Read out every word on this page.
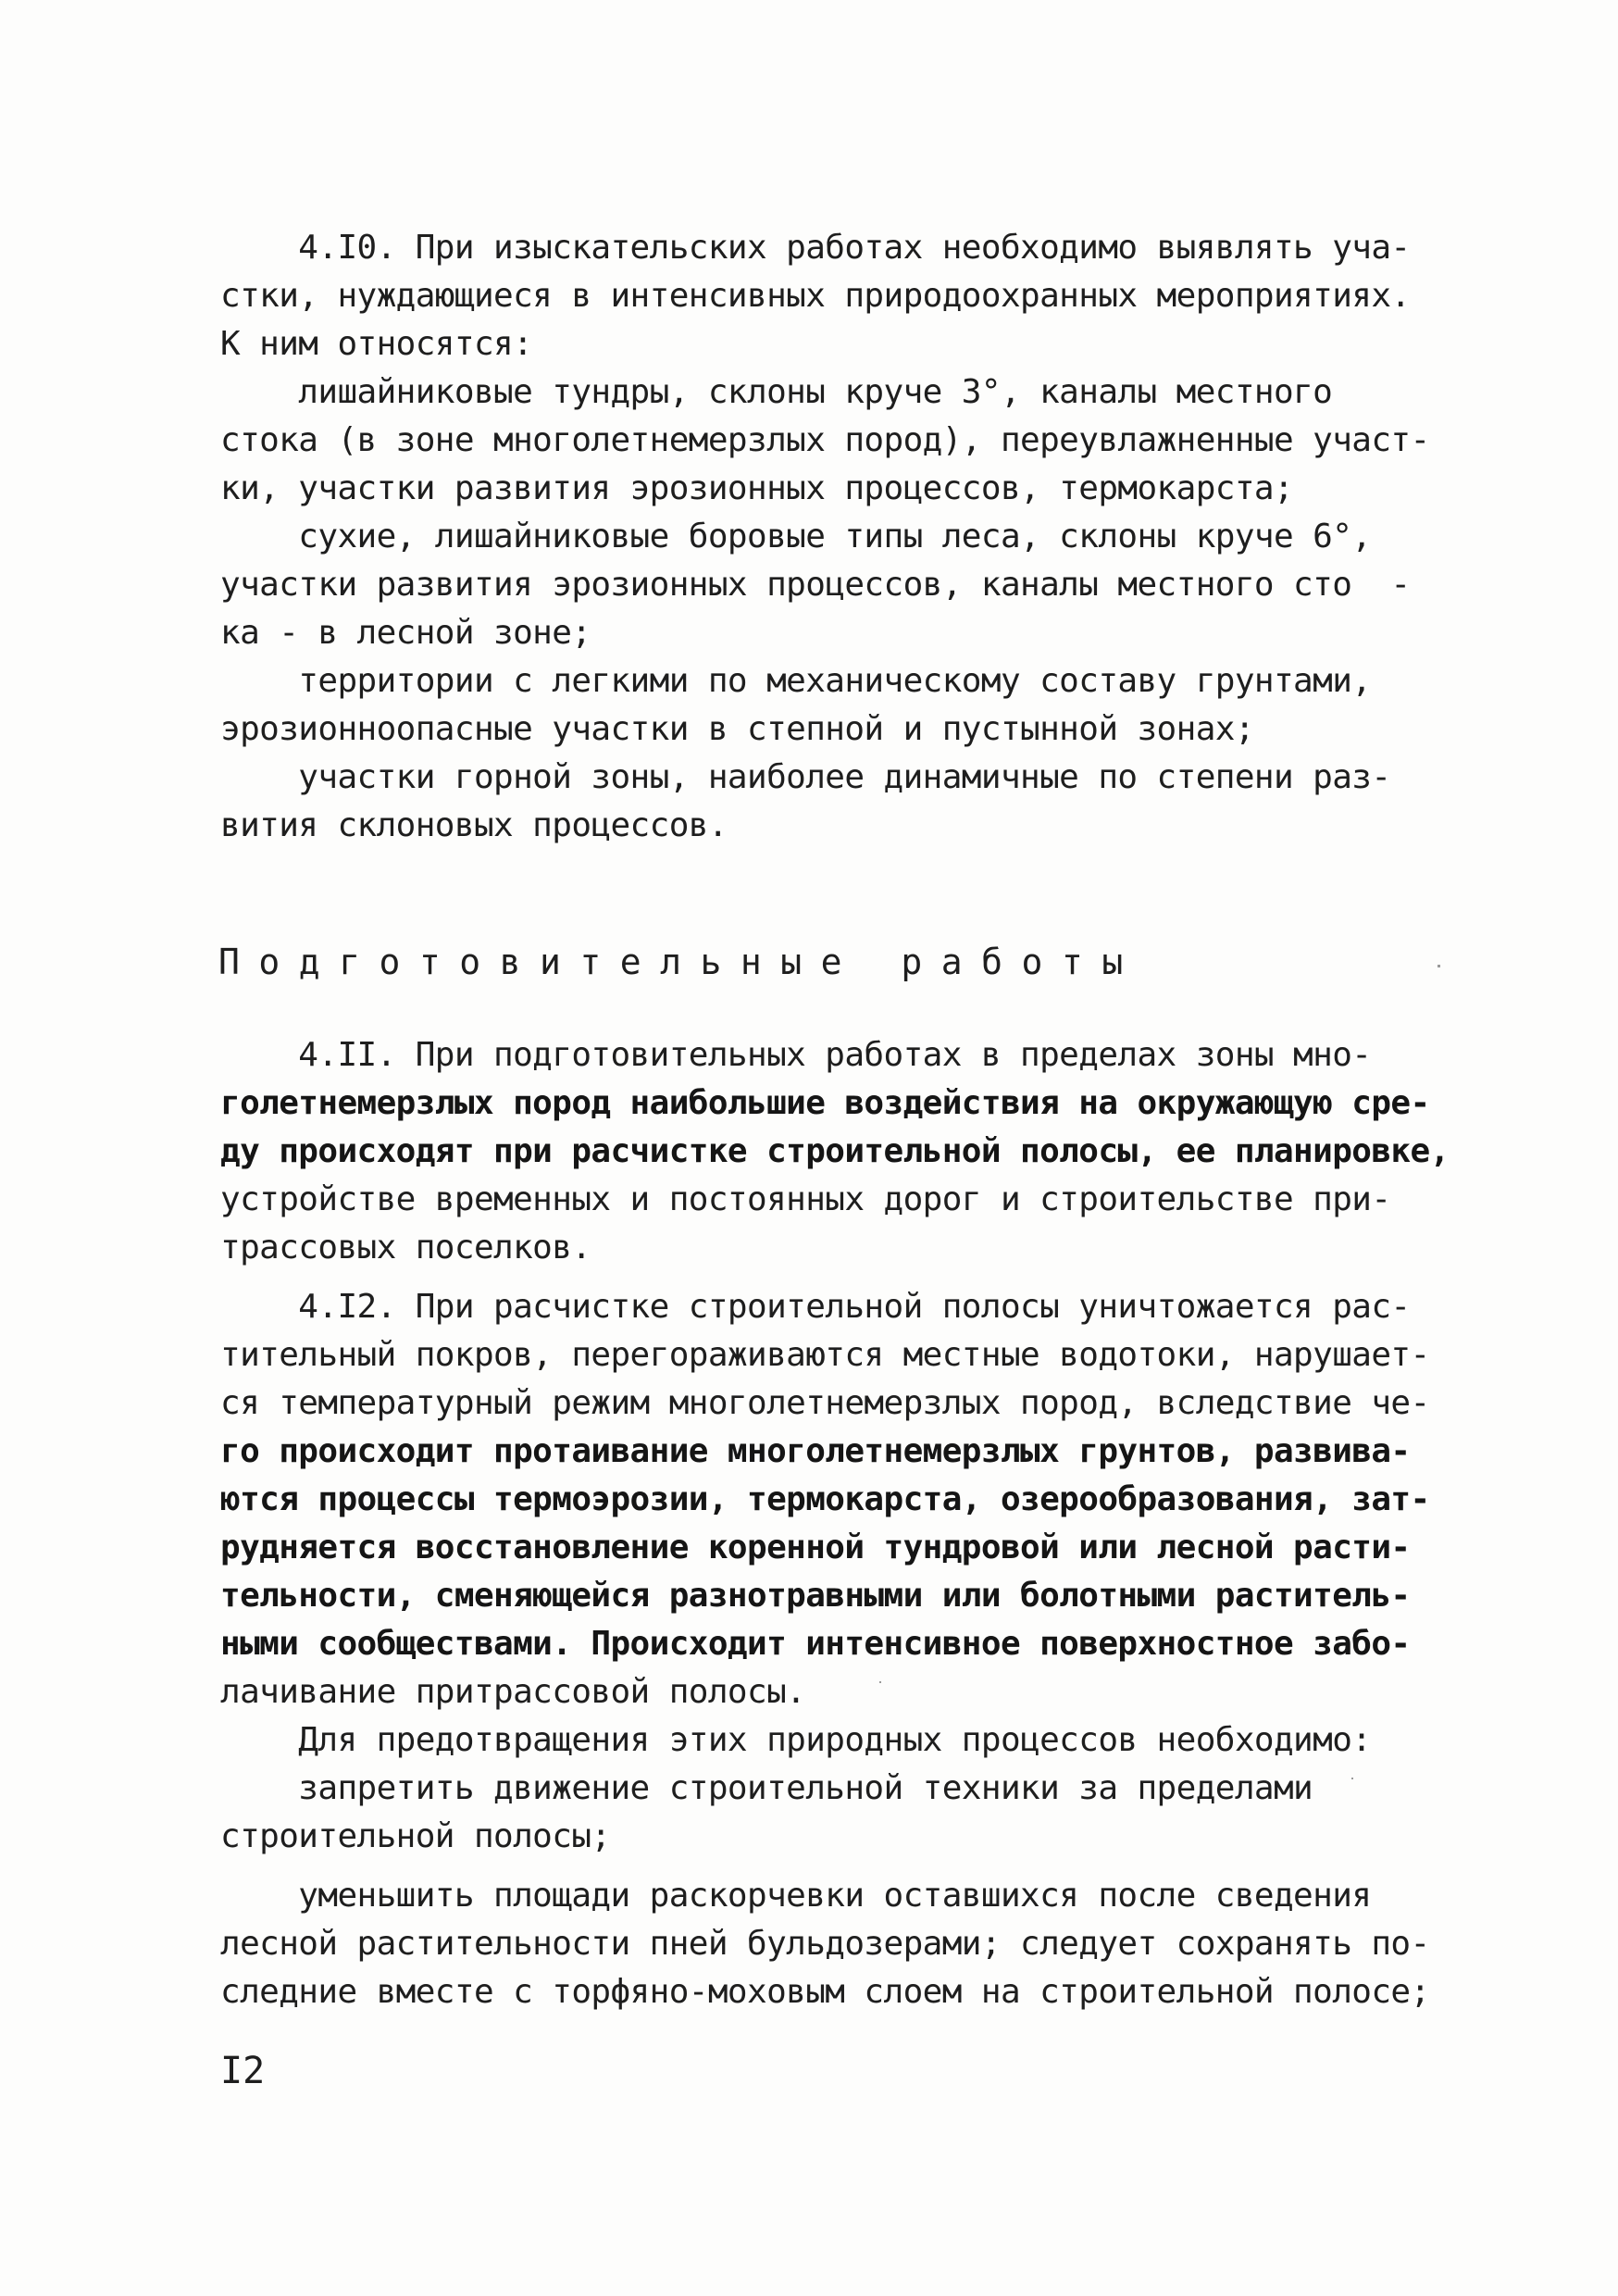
4.I0. При изыскательских работах необходимо выявлять уча-
стки, нуждающиеся в интенсивных природоохранных мероприятиях.
К ним относятся:
лишайниковые тундры, склоны круче 3°, каналы местного
стока (в зоне многолетнемерзлых пород), переувлажненные участ-
ки, участки развития эрозионных процессов, термокарста;
сухие, лишайниковые боровые типы леса, склоны круче 6°,
участки развития эрозионных процессов, каналы местного сто  -
ка - в лесной зоне;
территории с легкими по механическому составу грунтами,
эрозионноопасные участки в степной и пустынной зонах;
участки горной зоны, наиболее динамичные по степени раз-
вития склоновых процессов.
Подготовительные работы
4.II. При подготовительных работах в пределах зоны мно-
голетнемерзлых пород наибольшие воздействия на окружающую сре-
ду происходят при расчистке строительной полосы, ее планировке,
устройстве временных и постоянных дорог и строительстве при-
трассовых поселков.
4.I2. При расчистке строительной полосы уничтожается рас-
тительный покров, перегораживаются местные водотоки, нарушает-
ся температурный режим многолетнемерзлых пород, вследствие че-
го происходит протаивание многолетнемерзлых грунтов, развива-
ются процессы термоэрозии, термокарста, озерообразования, зат-
рудняется восстановление коренной тундровой или лесной расти-
тельности, сменяющейся разнотравными или болотными раститель-
ными сообществами. Происходит интенсивное поверхностное забо-
лачивание притрассовой полосы.
Для предотвращения этих природных процессов необходимо:
запретить движение строительной техники за пределами
строительной полосы;
уменьшить площади раскорчевки оставшихся после сведения
лесной растительности пней бульдозерами; следует сохранять по-
следние вместе с торфяно-моховым слоем на строительной полосе;
I2
